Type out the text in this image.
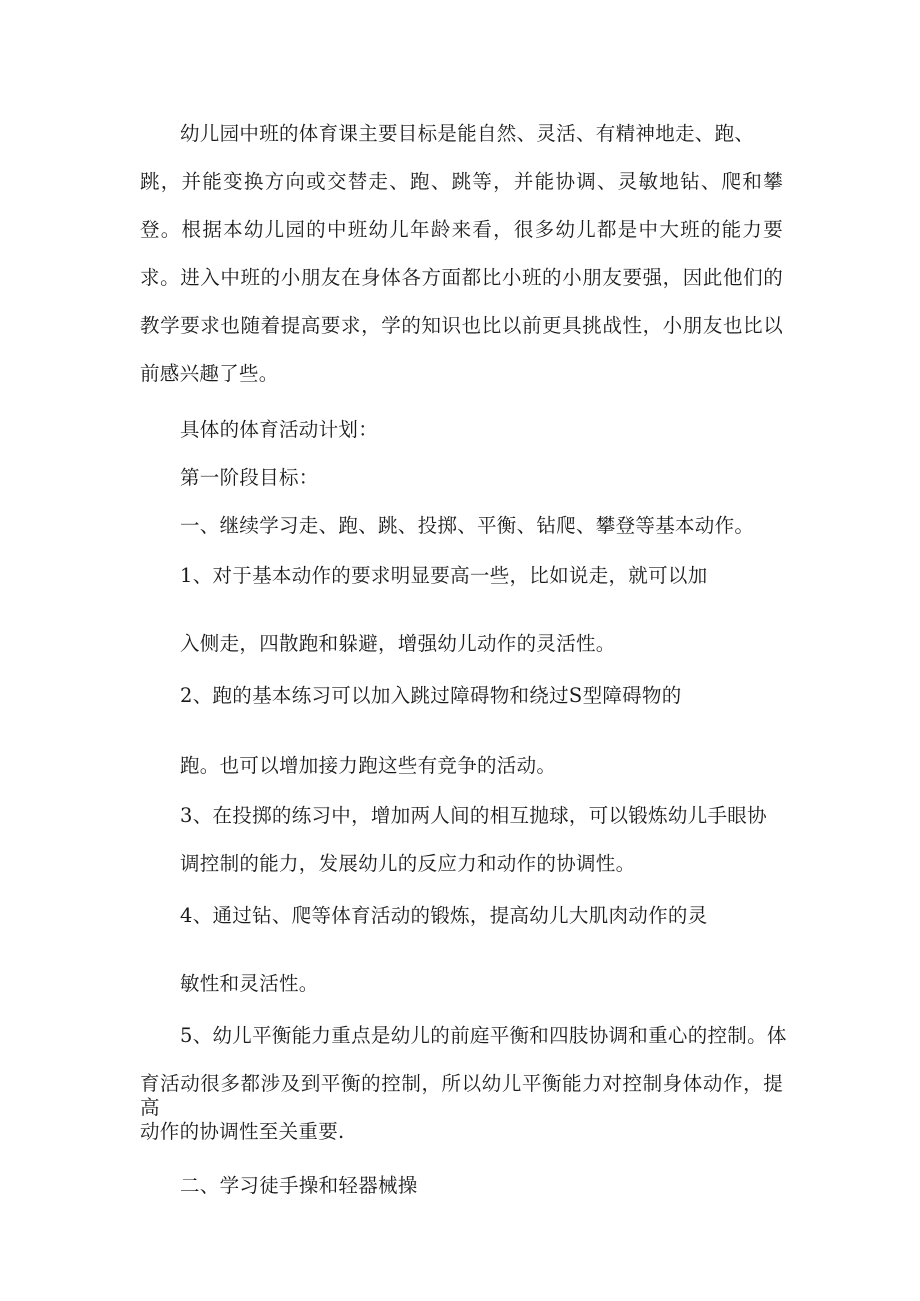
幼儿园中班的体育课主要目标是能自然、灵活、有精神地走、跑、
跳，并能变换方向或交替走、跑、跳等，并能协调、灵敏地钻、爬和攀
登。根据本幼儿园的中班幼儿年龄来看，很多幼儿都是中大班的能力要
求。进入中班的小朋友在身体各方面都比小班的小朋友要强，因此他们的
教学要求也随着提高要求，学的知识也比以前更具挑战性，小朋友也比以
前感兴趣了些。
具体的体育活动计划：
第一阶段目标：
一、继续学习走、跑、跳、投掷、平衡、钻爬、攀登等基本动作。
1、对于基本动作的要求明显要高一些，比如说走，就可以加
入侧走，四散跑和躲避，增强幼儿动作的灵活性。
2、跑的基本练习可以加入跳过障碍物和绕过S型障碍物的
跑。也可以增加接力跑这些有竞争的活动。
3、在投掷的练习中，增加两人间的相互抛球，可以锻炼幼儿手眼协
调控制的能力，发展幼儿的反应力和动作的协调性。
4、通过钻、爬等体育活动的锻炼，提高幼儿大肌肉动作的灵
敏性和灵活性。
5、幼儿平衡能力重点是幼儿的前庭平衡和四肢协调和重心的控制。体
育活动很多都涉及到平衡的控制，所以幼儿平衡能力对控制身体动作，提高
动作的协调性至关重要.
二、学习徒手操和轻器械操
